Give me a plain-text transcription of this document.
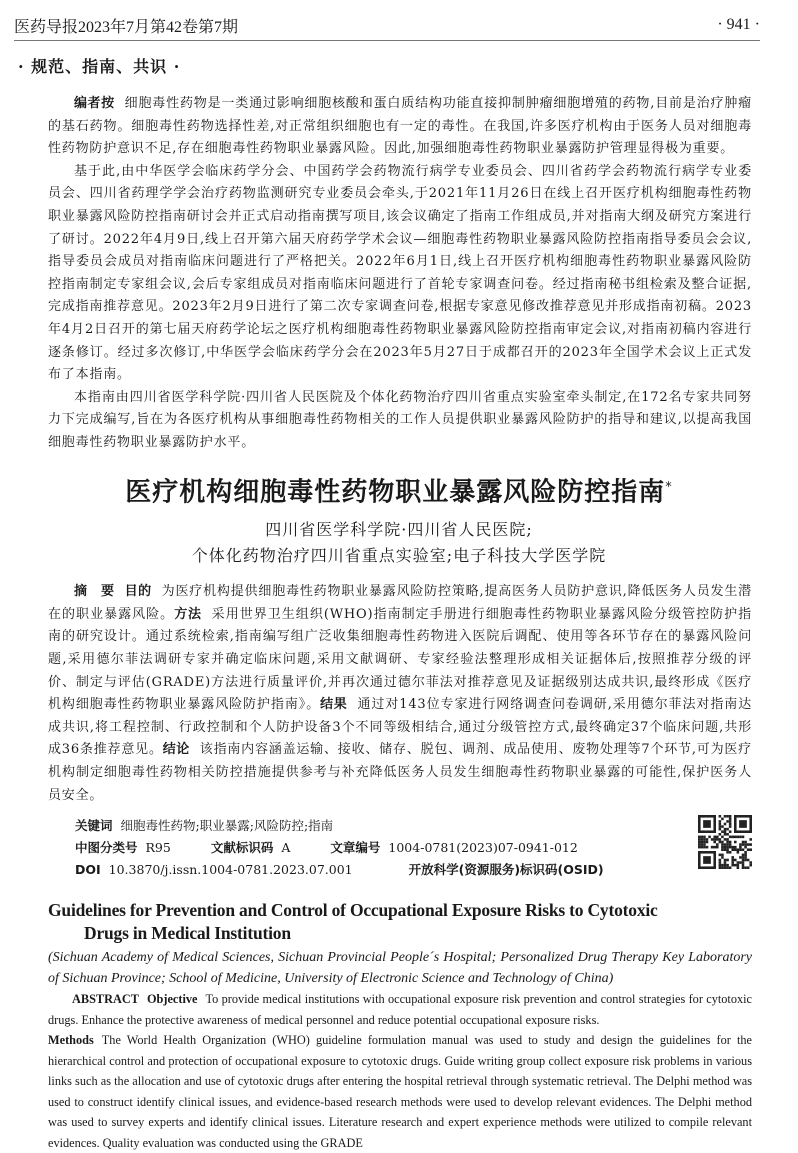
医药导报2023年7月第42卷第7期	· 941 ·
· 规范、指南、共识 ·

编者按 细胞毒性药物是一类通过影响细胞核酸和蛋白质结构功能直接抑制肿瘤细胞增殖的药物,目前是治疗肿瘤的基石药物。细胞毒性药物选择性差,对正常组织细胞也有一定的毒性。在我国,许多医疗机构由于医务人员对细胞毒性药物防护意识不足,存在细胞毒性药物职业暴露风险。因此,加强细胞毒性药物职业暴露防护管理显得极为重要。

基于此,由中华医学会临床药学分会、中国药学会药物流行病学专业委员会、四川省药学会药物流行病学专业委员会、四川省药理学学会治疗药物监测研究专业委员会牵头,于2021年11月26日在线上召开医疗机构细胞毒性药物职业暴露风险防控指南研讨会并正式启动指南撰写项目,该会议确定了指南工作组成员,并对指南大纲及研究方案进行了研讨。2022年4月9日,线上召开第六届天府药学学术会议—细胞毒性药物职业暴露风险防控指南指导委员会会议,指导委员会成员对指南临床问题进行了严格把关。2022年6月1日,线上召开医疗机构细胞毒性药物职业暴露风险防控指南制定专家组会议,会后专家组成员对指南临床问题进行了首轮专家调查问卷。经过指南秘书组检索及整合证据,完成指南推荐意见。2023年2月9日进行了第二次专家调查问卷,根据专家意见修改推荐意见并形成指南初稿。2023年4月2日召开的第七届天府药学论坛之医疗机构细胞毒性药物职业暴露风险防控指南审定会议,对指南初稿内容进行逐条修订。经过多次修订,中华医学会临床药学分会在2023年5月27日于成都召开的2023年全国学术会议上正式发布了本指南。

本指南由四川省医学科学院·四川省人民医院及个体化药物治疗四川省重点实验室牵头制定,在172名专家共同努力下完成编写,旨在为各医疗机构从事细胞毒性药物相关的工作人员提供职业暴露风险防护的指导和建议,以提高我国细胞毒性药物职业暴露防护水平。

医疗机构细胞毒性药物职业暴露风险防控指南*
四川省医学科学院·四川省人民医院;
个体化药物治疗四川省重点实验室;电子科技大学医学院

摘　要 目的 为医疗机构提供细胞毒性药物职业暴露风险防控策略,提高医务人员防护意识,降低医务人员发生潜在的职业暴露风险。方法 采用世界卫生组织(WHO)指南制定手册进行细胞毒性药物职业暴露风险分级管控防护指南的研究设计。通过系统检索,指南编写组广泛收集细胞毒性药物进入医院后调配、使用等各环节存在的暴露风险问题,采用德尔菲法调研专家并确定临床问题,采用文献调研、专家经验法整理形成相关证据体后,按照推荐分级的评价、制定与评估(GRADE)方法进行质量评价,并再次通过德尔菲法对推荐意见及证据级别达成共识,最终形成《医疗机构细胞毒性药物职业暴露风险防护指南》。结果 通过对143位专家进行网络调查问卷调研,采用德尔菲法对指南达成共识,将工程控制、行政控制和个人防护设备3个不同等级相结合,通过分级管控方式,最终确定37个临床问题,共形成36条推荐意见。结论 该指南内容涵盖运输、接收、储存、脱包、调剂、成品使用、废物处理等7个环节,可为医疗机构制定细胞毒性药物相关防控措施提供参考与补充降低医务人员发生细胞毒性药物职业暴露的可能性,保护医务人员安全。

关键词 细胞毒性药物;职业暴露;风险防控;指南
中图分类号 R95	文献标识码 A	文章编号 1004-0781(2023)07-0941-012
DOI 10.3870/j.issn.1004-0781.2023.07.001	开放科学(资源服务)标识码(OSID)
Guidelines for Prevention and Control of Occupational Exposure Risks to Cytotoxic
Drugs in Medical Institution
(Sichuan Academy of Medical Sciences, Sichuan Provincial People´s Hospital; Personalized Drug Therapy Key Laboratory of Sichuan Province; School of Medicine, University of Electronic Science and Technology of China)
ABSTRACT Objective To provide medical institutions with occupational exposure risk prevention and control strategies for cytotoxic drugs. Enhance the protective awareness of medical personnel and reduce potential occupational exposure risks.
Methods The World Health Organization (WHO) guideline formulation manual was used to study and design the guidelines for the hierarchical control and protection of occupational exposure to cytotoxic drugs. Guide writing group collect exposure risk problems in various links such as the allocation and use of cytotoxic drugs after entering the hospital retrieval through systematic retrieval. The Delphi method was used to construct identify clinical issues, and evidence-based research methods were used to develop relevant evidences. The Delphi method was used to survey experts and identify clinical issues. Literature research and expert experience methods were utilized to compile relevant evidences. Quality evaluation was conducted using the GRADE
